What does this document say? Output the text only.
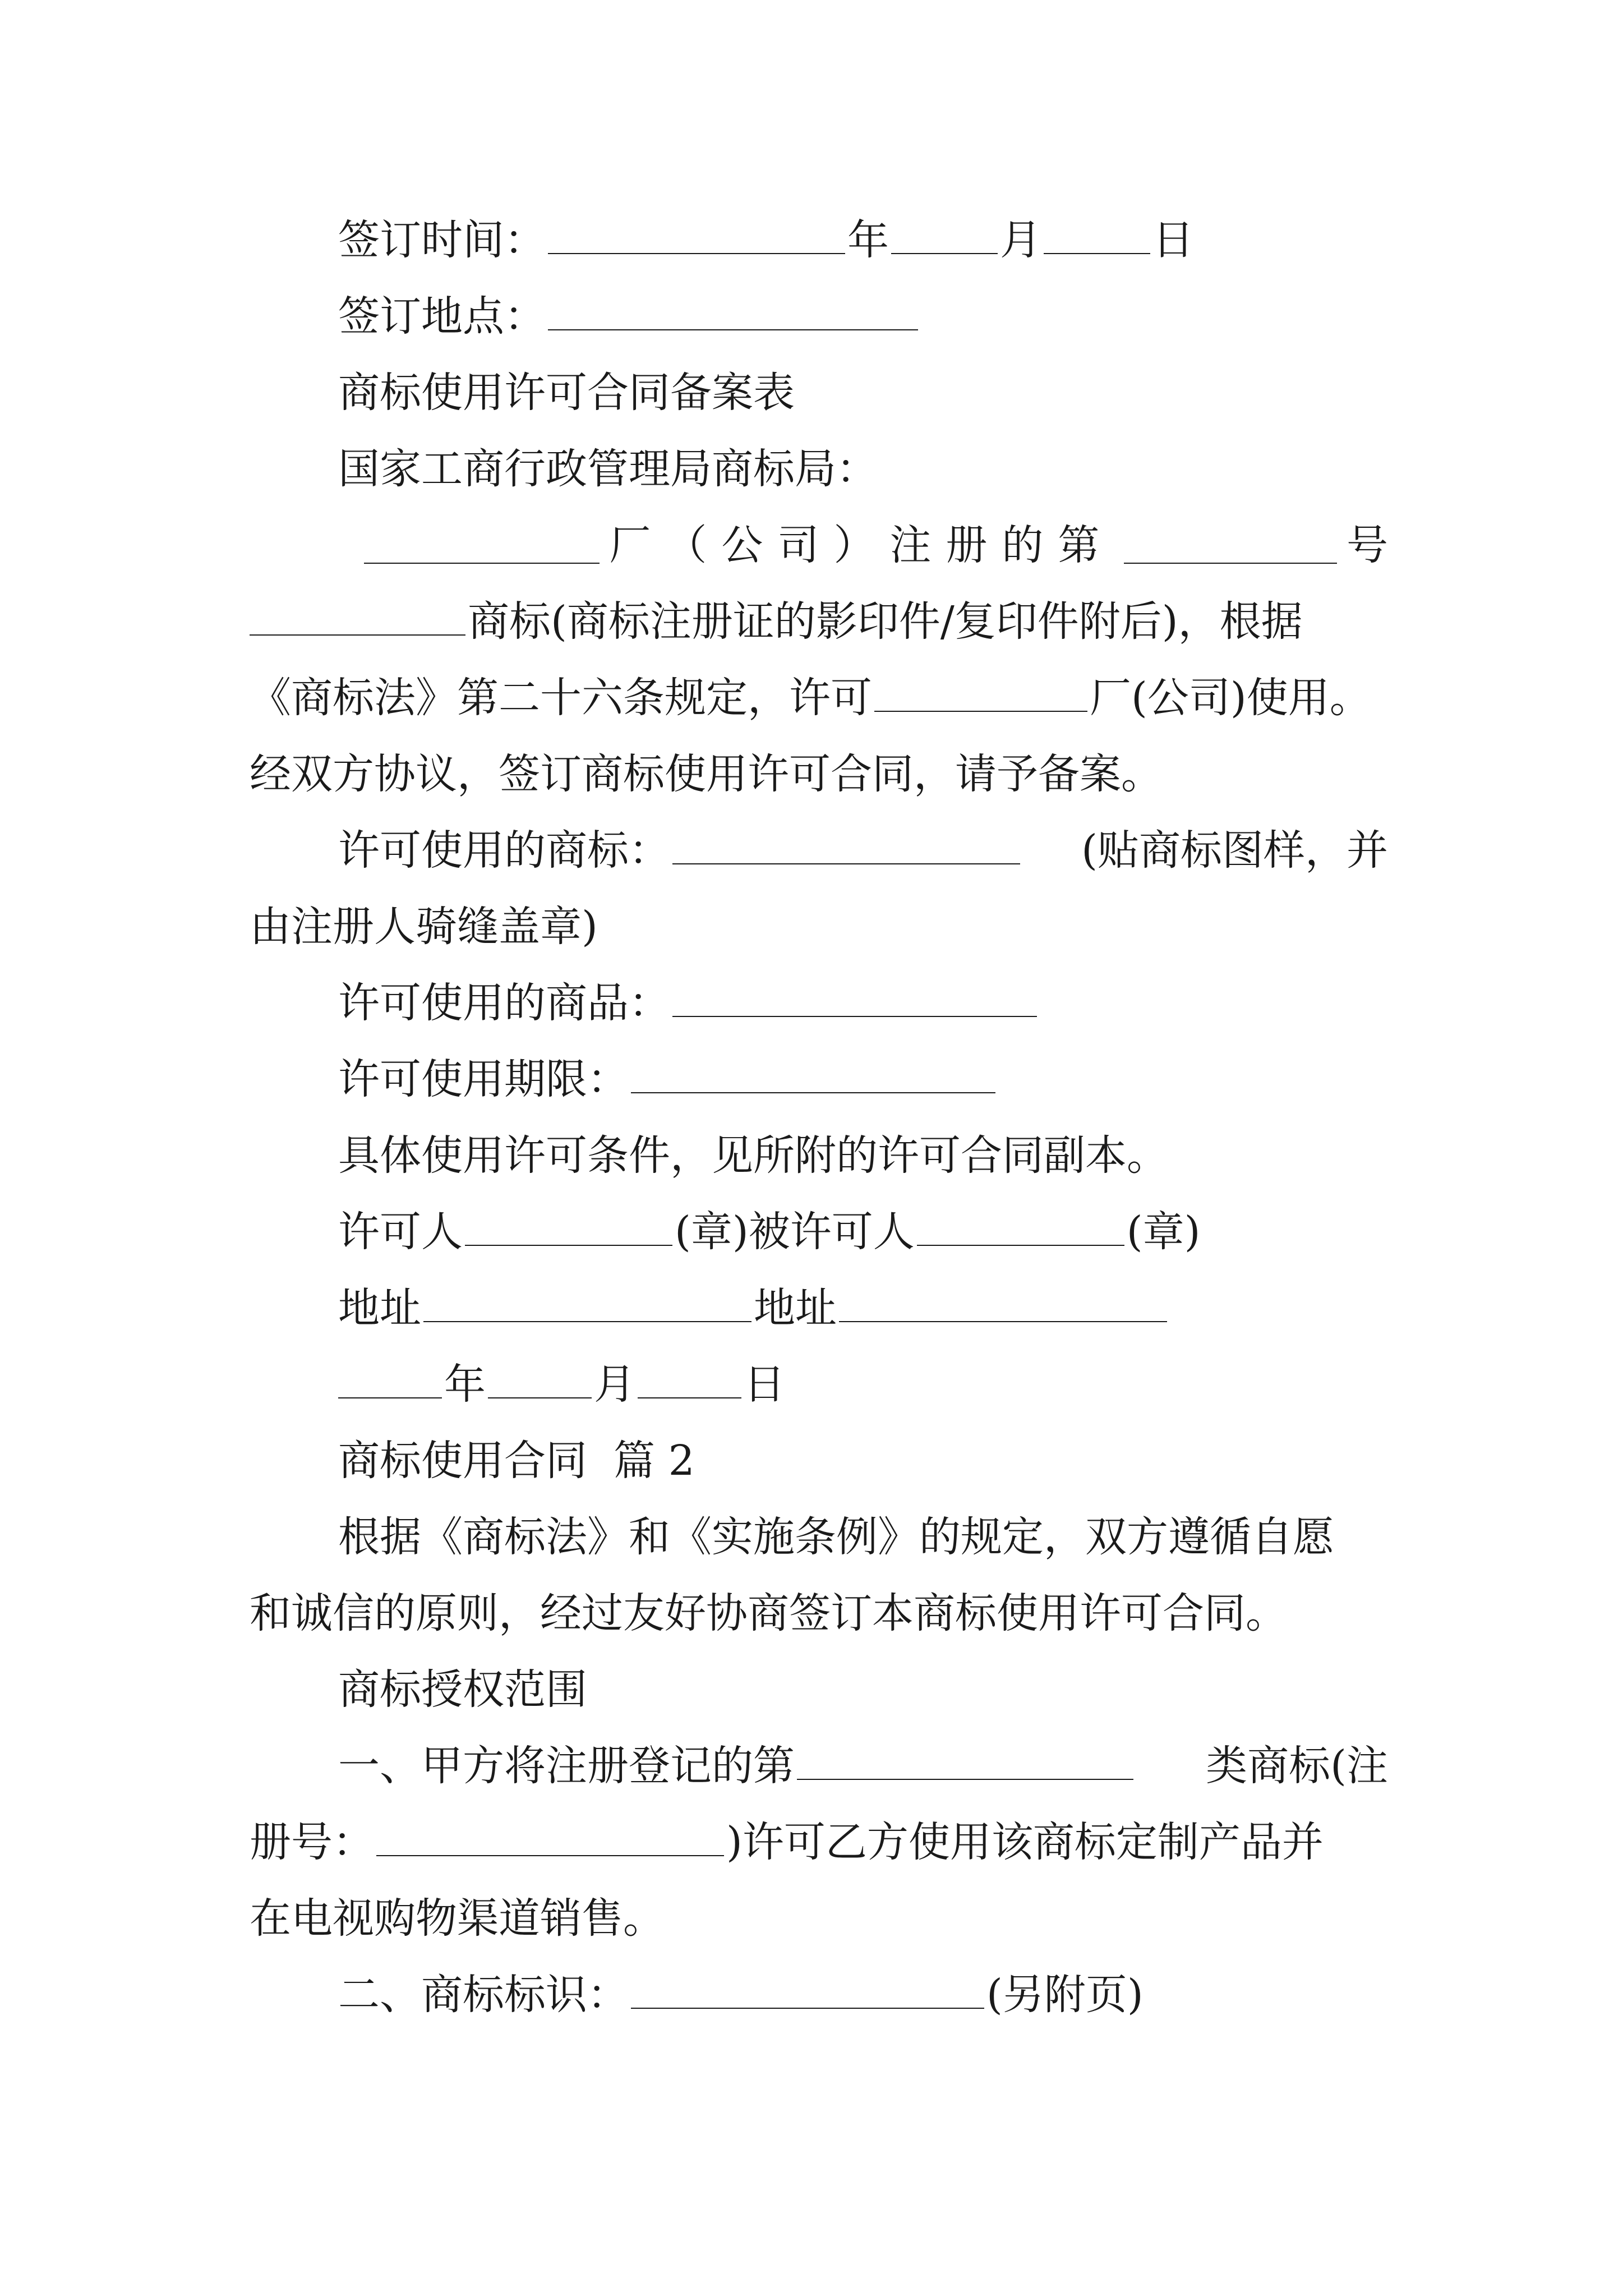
签订时间：	年	月	日
签订地点：
商标使用许可合同备案表
国家工商行政管理局商标局：
厂（公司）注册的第	号
商标(商标注册证的影印件/复印件附后)，根据
《商标法》第二十六条规定，许可	厂(公司)使用。
经双方协议，签订商标使用许可合同，请予备案。
许可使用的商标：	(贴商标图样，并
由注册人骑缝盖章)
许可使用的商品：
许可使用期限：
具体使用许可条件，见所附的许可合同副本。
许可人	(章)被许可人	(章)
地址	地址
年	月	日
商标使用合同  篇 2
根据《商标法》和《实施条例》的规定，双方遵循自愿
和诚信的原则，经过友好协商签订本商标使用许可合同。
商标授权范围
一、甲方将注册登记的第	类商标(注
册号：	)许可乙方使用该商标定制产品并
在电视购物渠道销售。
二、商标标识：	(另附页)
